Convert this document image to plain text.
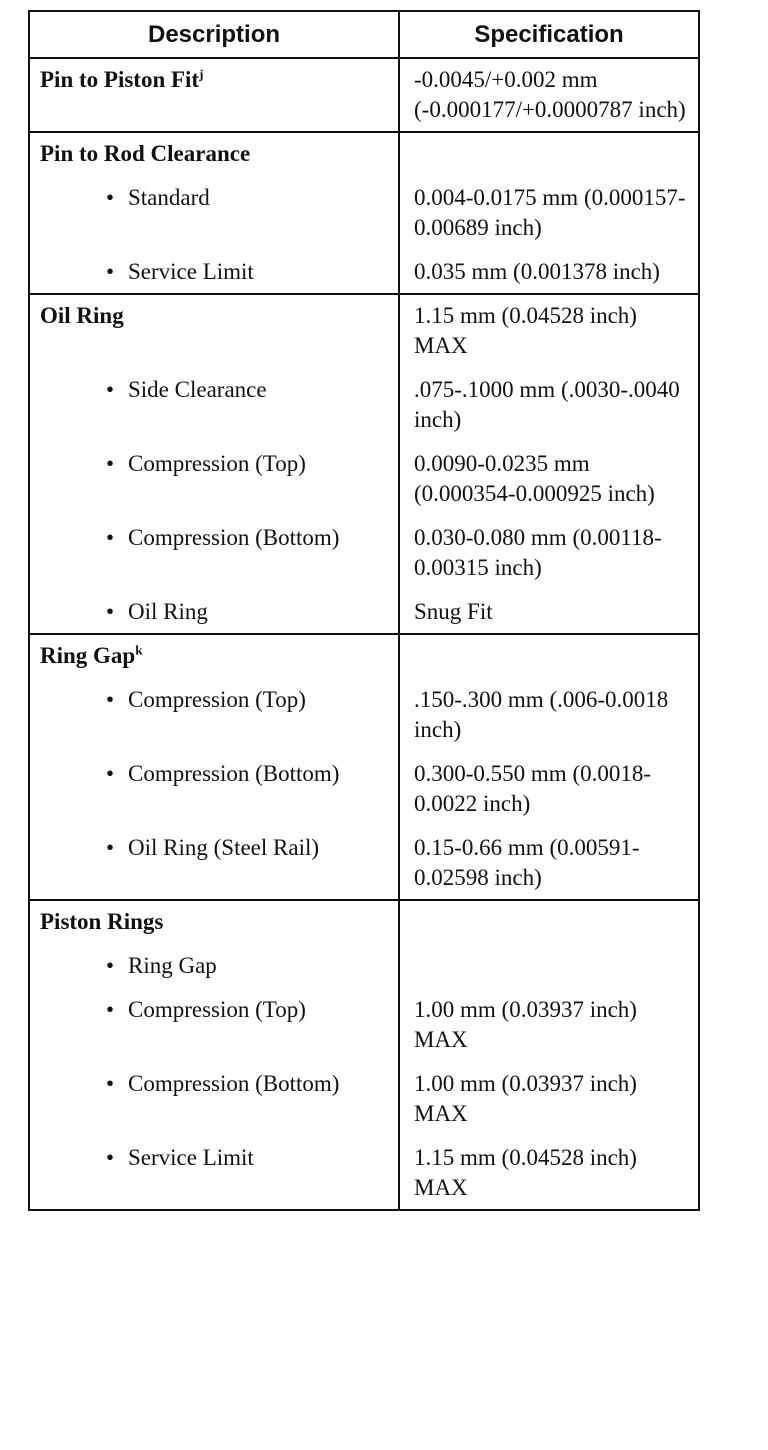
Description	Specification
Pin to Piston Fit$^j$	-0.0045/+0.002 mm (-0.000177/+0.0000787 inch)
Pin to Rod Clearance	

• Standard	0.004-0.0175 mm (0.000157-0.00689 inch)

• Service Limit	0.035 mm (0.001378 inch)
Oil Ring	1.15 mm (0.04528 inch) MAX

• Side Clearance	.075-.1000 mm (.0030-.0040 inch)

• Compression (Top)	0.0090-0.0235 mm (0.000354-0.000925 inch)

• Compression (Bottom)	0.030-0.080 mm (0.00118-0.00315 inch)

• Oil Ring	Snug Fit
Ring Gap$^k$	

• Compression (Top)	.150-.300 mm (.006-0.0018 inch)

• Compression (Bottom)	0.300-0.550 mm (0.0018-0.0022 inch)

• Oil Ring (Steel Rail)	0.15-0.66 mm (0.00591-0.02598 inch)
Piston Rings	

• Ring Gap	

• Compression (Top)	1.00 mm (0.03937 inch) MAX

• Compression (Bottom)	1.00 mm (0.03937 inch) MAX

• Service Limit	1.15 mm (0.04528 inch) MAX
